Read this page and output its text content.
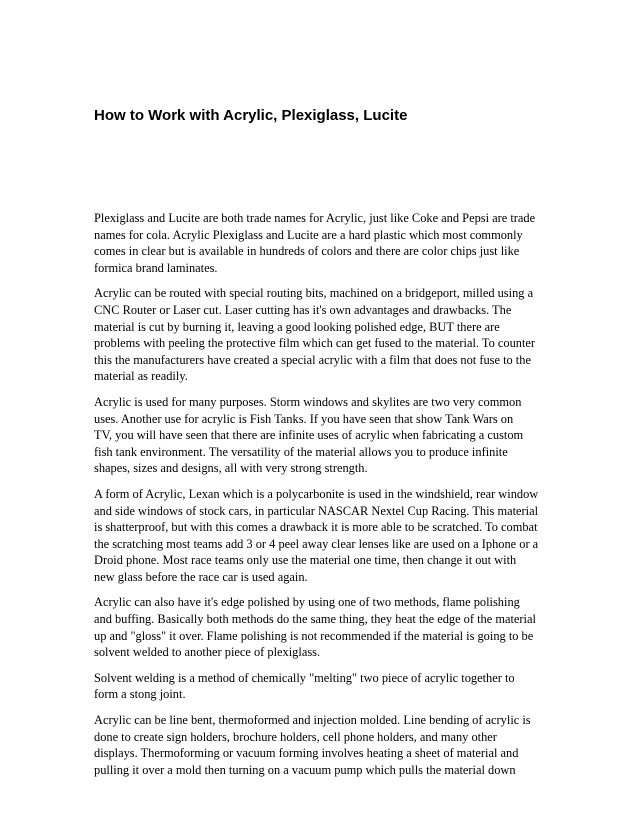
How to Work with Acrylic, Plexiglass, Lucite

Plexiglass and Lucite are both trade names for Acrylic, just like Coke and Pepsi are trade
names for cola. Acrylic Plexiglass and Lucite are a hard plastic which most commonly
comes in clear but is available in hundreds of colors and there are color chips just like
formica brand laminates.

Acrylic can be routed with special routing bits, machined on a bridgeport, milled using a
CNC Router or Laser cut. Laser cutting has it's own advantages and drawbacks. The
material is cut by burning it, leaving a good looking polished edge, BUT there are
problems with peeling the protective film which can get fused to the material. To counter
this the manufacturers have created a special acrylic with a film that does not fuse to the
material as readily.

Acrylic is used for many purposes. Storm windows and skylites are two very common
uses. Another use for acrylic is Fish Tanks. If you have seen that show Tank Wars on
TV, you will have seen that there are infinite uses of acrylic when fabricating a custom
fish tank environment. The versatility of the material allows you to produce infinite
shapes, sizes and designs, all with very strong strength.

A form of Acrylic, Lexan which is a polycarbonite is used in the windshield, rear window
and side windows of stock cars, in particular NASCAR Nextel Cup Racing. This material
is shatterproof, but with this comes a drawback it is more able to be scratched. To combat
the scratching most teams add 3 or 4 peel away clear lenses like are used on a Iphone or a
Droid phone. Most race teams only use the material one time, then change it out with
new glass before the race car is used again.

Acrylic can also have it's edge polished by using one of two methods, flame polishing
and buffing. Basically both methods do the same thing, they heat the edge of the material
up and "gloss" it over. Flame polishing is not recommended if the material is going to be
solvent welded to another piece of plexiglass.

Solvent welding is a method of chemically "melting" two piece of acrylic together to
form a stong joint.

Acrylic can be line bent, thermoformed and injection molded. Line bending of acrylic is
done to create sign holders, brochure holders, cell phone holders, and many other
displays. Thermoforming or vacuum forming involves heating a sheet of material and
pulling it over a mold then turning on a vacuum pump which pulls the material down
